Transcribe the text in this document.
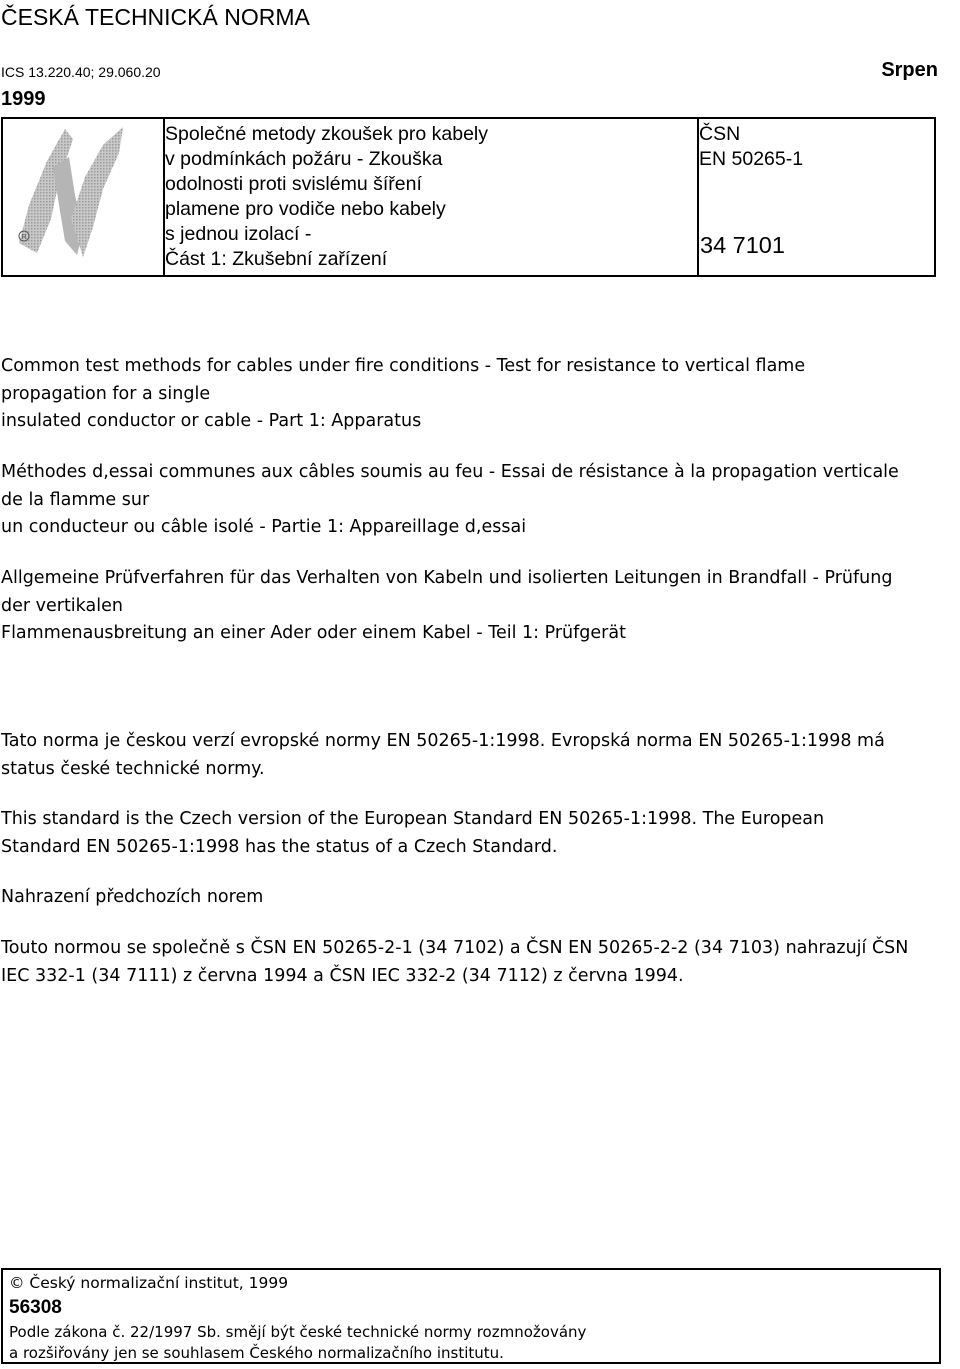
ČESKÁ TECHNICKÁ NORMA
ICS 13.220.40; 29.060.20	Srpen
1999
R
Společné metody zkoušek pro kabely
v podmínkách požáru - Zkouška
odolnosti proti svislému šíření
plamene pro vodiče nebo kabely
s jednou izolací -
Část 1: Zkušební zařízení
ČSN
EN 50265-1
34 7101
Common test methods for cables under fire conditions - Test for resistance to vertical flame
propagation for a single
insulated conductor or cable - Part 1: Apparatus
Méthodes d,essai communes aux câbles soumis au feu - Essai de résistance à la propagation verticale
de la flamme sur
un conducteur ou câble isolé - Partie 1: Appareillage d,essai
Allgemeine Prüfverfahren für das Verhalten von Kabeln und isolierten Leitungen in Brandfall - Prüfung
der vertikalen
Flammenausbreitung an einer Ader oder einem Kabel - Teil 1: Prüfgerät
Tato norma je českou verzí evropské normy EN 50265-1:1998. Evropská norma EN 50265-1:1998 má
status české technické normy.
This standard is the Czech version of the European Standard EN 50265-1:1998. The European
Standard EN 50265-1:1998 has the status of a Czech Standard.
Nahrazení předchozích norem
Touto normou se společně s ČSN EN 50265-2-1 (34 7102) a ČSN EN 50265-2-2 (34 7103) nahrazují ČSN
IEC 332-1 (34 7111) z června 1994 a ČSN IEC 332-2 (34 7112) z června 1994.
© Český normalizační institut, 1999
56308
Podle zákona č. 22/1997 Sb. smějí být české technické normy rozmnožovány
a rozšiřovány jen se souhlasem Českého normalizačního institutu.
